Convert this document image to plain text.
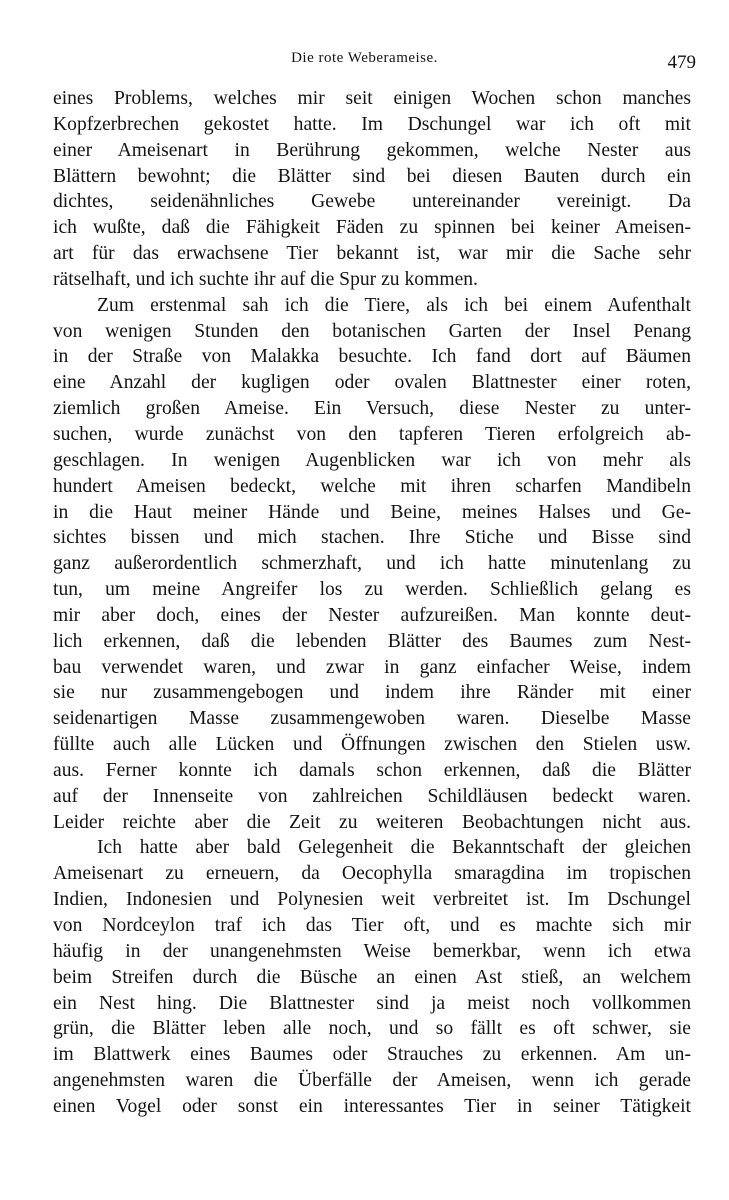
Die rote Weberameise.	479
eines Problems, welches mir seit einigen Wochen schon manches
Kopfzerbrechen gekostet hatte. Im Dschungel war ich oft mit
einer Ameisenart in Berührung gekommen, welche Nester aus
Blättern bewohnt; die Blätter sind bei diesen Bauten durch ein
dichtes, seidenähnliches Gewebe untereinander vereinigt. Da
ich wußte, daß die Fähigkeit Fäden zu spinnen bei keiner Ameisen-
art für das erwachsene Tier bekannt ist, war mir die Sache sehr
rätselhaft, und ich suchte ihr auf die Spur zu kommen.
Zum erstenmal sah ich die Tiere, als ich bei einem Aufenthalt
von wenigen Stunden den botanischen Garten der Insel Penang
in der Straße von Malakka besuchte. Ich fand dort auf Bäumen
eine Anzahl der kugligen oder ovalen Blattnester einer roten,
ziemlich großen Ameise. Ein Versuch, diese Nester zu unter-
suchen, wurde zunächst von den tapferen Tieren erfolgreich ab-
geschlagen. In wenigen Augenblicken war ich von mehr als
hundert Ameisen bedeckt, welche mit ihren scharfen Mandibeln
in die Haut meiner Hände und Beine, meines Halses und Ge-
sichtes bissen und mich stachen. Ihre Stiche und Bisse sind
ganz außerordentlich schmerzhaft, und ich hatte minutenlang zu
tun, um meine Angreifer los zu werden. Schließlich gelang es
mir aber doch, eines der Nester aufzureißen. Man konnte deut-
lich erkennen, daß die lebenden Blätter des Baumes zum Nest-
bau verwendet waren, und zwar in ganz einfacher Weise, indem
sie nur zusammengebogen und indem ihre Ränder mit einer
seidenartigen Masse zusammengewoben waren. Dieselbe Masse
füllte auch alle Lücken und Öffnungen zwischen den Stielen usw.
aus. Ferner konnte ich damals schon erkennen, daß die Blätter
auf der Innenseite von zahlreichen Schildläusen bedeckt waren.
Leider reichte aber die Zeit zu weiteren Beobachtungen nicht aus.
Ich hatte aber bald Gelegenheit die Bekanntschaft der gleichen
Ameisenart zu erneuern, da Oecophylla smaragdina im tropischen
Indien, Indonesien und Polynesien weit verbreitet ist. Im Dschungel
von Nordceylon traf ich das Tier oft, und es machte sich mir
häufig in der unangenehmsten Weise bemerkbar, wenn ich etwa
beim Streifen durch die Büsche an einen Ast stieß, an welchem
ein Nest hing. Die Blattnester sind ja meist noch vollkommen
grün, die Blätter leben alle noch, und so fällt es oft schwer, sie
im Blattwerk eines Baumes oder Strauches zu erkennen. Am un-
angenehmsten waren die Überfälle der Ameisen, wenn ich gerade
einen Vogel oder sonst ein interessantes Tier in seiner Tätigkeit
